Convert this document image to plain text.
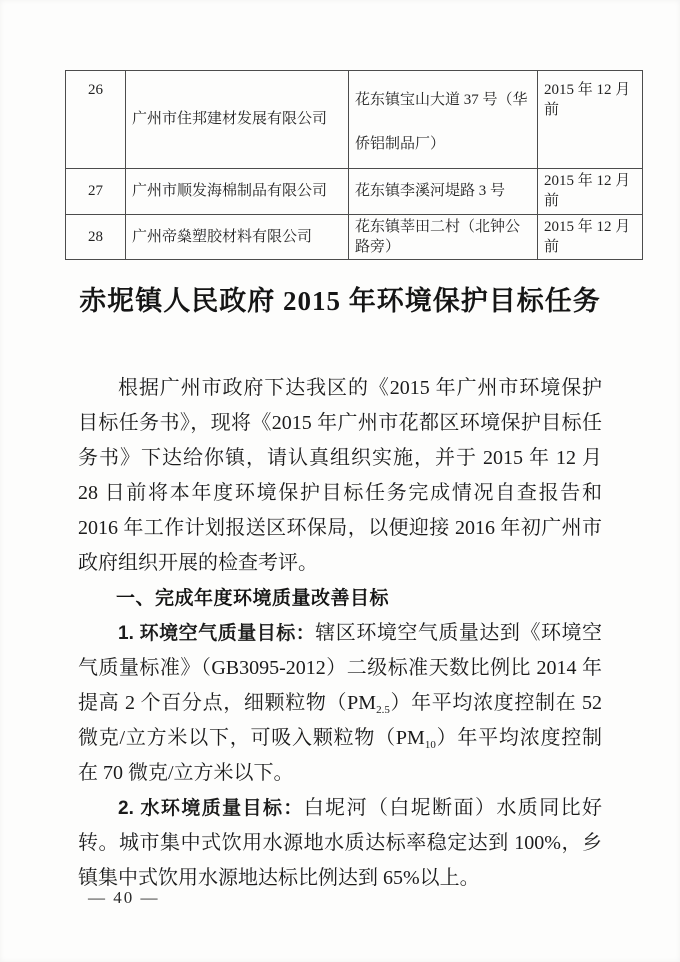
26	广州市住邦建材发展有限公司	花东镇宝山大道 37 号（华侨铝制品厂）	2015 年 12 月前
27	广州市顺发海棉制品有限公司	花东镇李溪河堤路 3 号	2015 年 12 月前
28	广州帝燊塑胶材料有限公司	花东镇莘田二村（北钟公路旁）	2015 年 12 月前
赤坭镇人民政府 2015 年环境保护目标任务

根据广州市政府下达我区的《2015 年广州市环境保护目标任务书》，现将《2015 年广州市花都区环境保护目标任务书》下达给你镇，请认真组织实施，并于 2015 年 12 月 28 日前将本年度环境保护目标任务完成情况自查报告和 2016 年工作计划报送区环保局，以便迎接 2016 年初广州市政府组织开展的检查考评。

一、完成年度环境质量改善目标

1. 环境空气质量目标：辖区环境空气质量达到《环境空气质量标准》（GB3095-2012）二级标准天数比例比 2014 年提高 2 个百分点，细颗粒物$(PM_{2.5})$年平均浓度控制在 52 微克/立方米以下，可吸入颗粒物$(PM_{10})$年平均浓度控制在 70 微克/立方米以下。

2. 水环境质量目标：白坭河（白坭断面）水质同比好转。城市集中式饮用水源地水质达标率稳定达到 100%，乡镇集中式饮用水源地达标比例达到 65%以上。

— 40 —
